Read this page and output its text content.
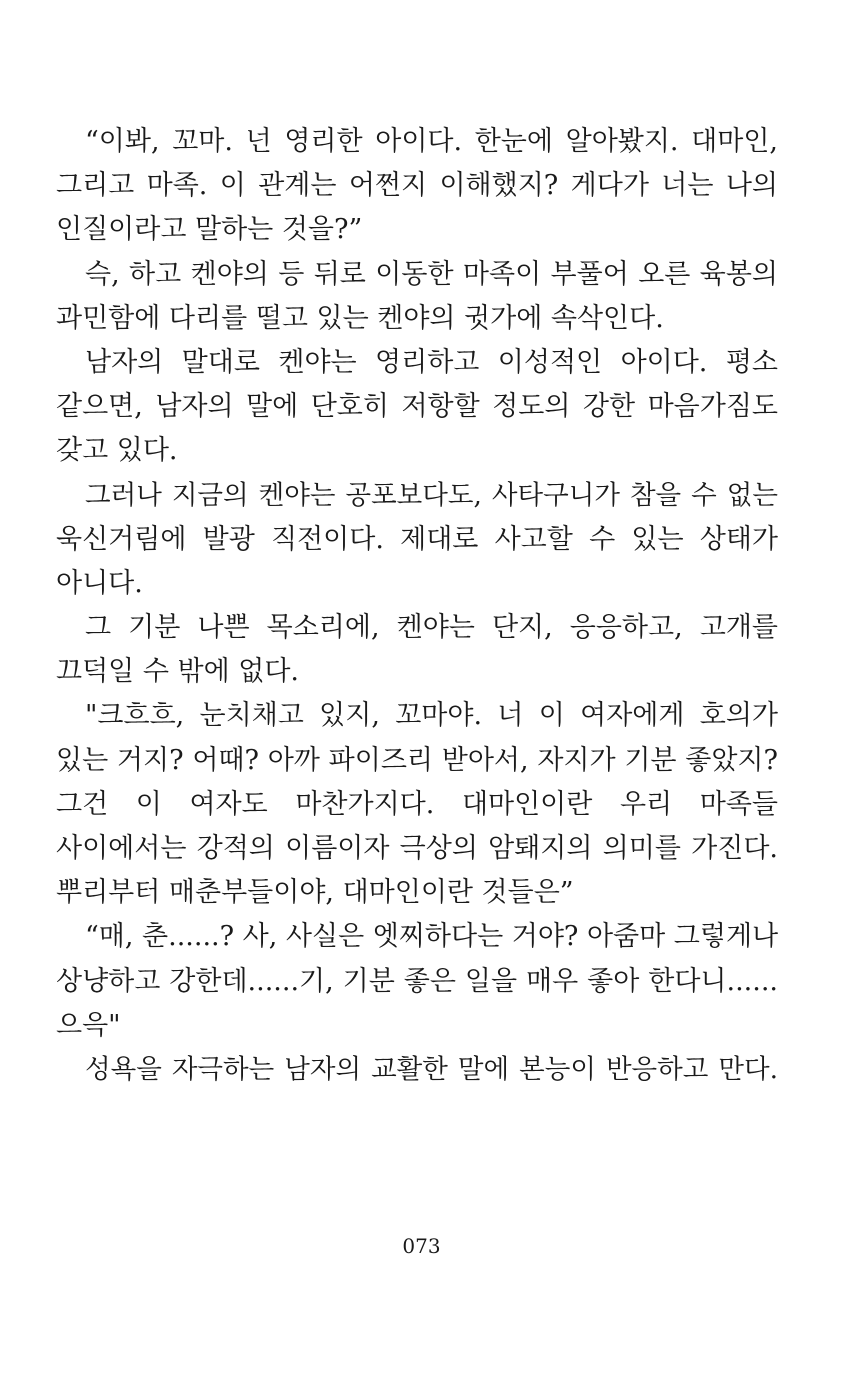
“이봐, 꼬마. 넌 영리한 아이다. 한눈에 알아봤지. 대마인,
그리고 마족. 이 관계는 어쩐지 이해했지? 게다가 너는 나의
인질이라고 말하는 것을?”
슥, 하고 켄야의 등 뒤로 이동한 마족이 부풀어 오른 육봉의
과민함에 다리를 떨고 있는 켄야의 귓가에 속삭인다.
남자의 말대로 켄야는 영리하고 이성적인 아이다. 평소
같으면, 남자의 말에 단호히 저항할 정도의 강한 마음가짐도
갖고 있다.
그러나 지금의 켄야는 공포보다도, 사타구니가 참을 수 없는
욱신거림에 발광 직전이다. 제대로 사고할 수 있는 상태가
아니다.
그 기분 나쁜 목소리에, 켄야는 단지, 응응하고, 고개를
끄덕일 수 밖에 없다.
"크흐흐, 눈치채고 있지, 꼬마야. 너 이 여자에게 호의가
있는 거지? 어때? 아까 파이즈리 받아서, 자지가 기분 좋았지?
그건 이 여자도 마찬가지다. 대마인이란 우리 마족들
사이에서는 강적의 이름이자 극상의 암퇘지의 의미를 가진다.
뿌리부터 매춘부들이야, 대마인이란 것들은”
“매, 춘......? 사, 사실은 엣찌하다는 거야? 아줌마 그렇게나
상냥하고 강한데......기, 기분 좋은 일을 매우 좋아 한다니......
으윽"
성욕을 자극하는 남자의 교활한 말에 본능이 반응하고 만다.
073
